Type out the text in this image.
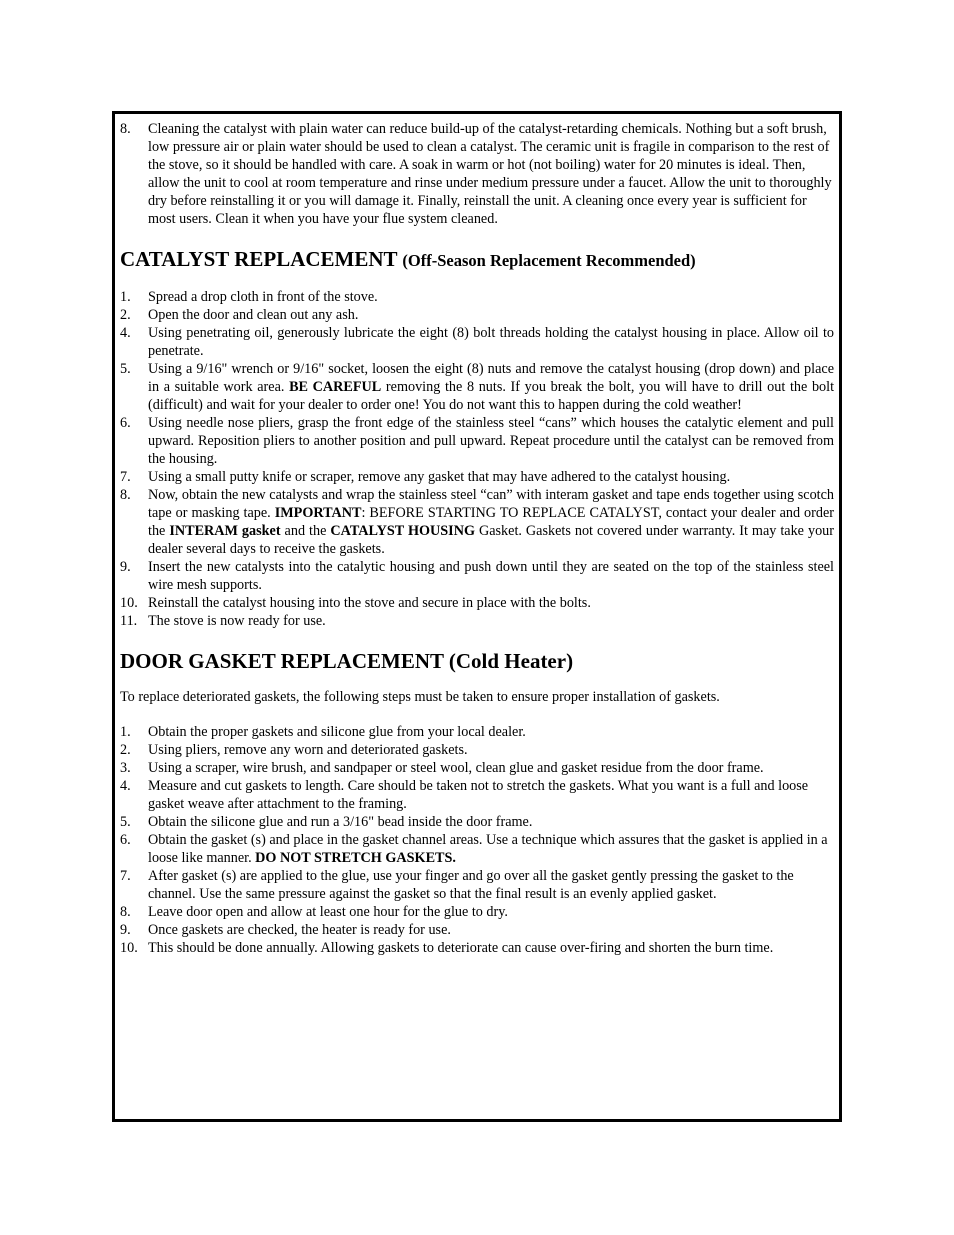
8. Cleaning the catalyst with plain water can reduce build-up of the catalyst-retarding chemicals. Nothing but a soft brush, low pressure air or plain water should be used to clean a catalyst. The ceramic unit is fragile in comparison to the rest of the stove, so it should be handled with care. A soak in warm or hot (not boiling) water for 20 minutes is ideal. Then, allow the unit to cool at room temperature and rinse under medium pressure under a faucet. Allow the unit to thoroughly dry before reinstalling it or you will damage it. Finally, reinstall the unit. A cleaning once every year is sufficient for most users. Clean it when you have your flue system cleaned.
CATALYST REPLACEMENT (Off-Season Replacement Recommended)
1. Spread a drop cloth in front of the stove.
2. Open the door and clean out any ash.
4. Using penetrating oil, generously lubricate the eight (8) bolt threads holding the catalyst housing in place. Allow oil to penetrate.
5. Using a 9/16" wrench or 9/16" socket, loosen the eight (8) nuts and remove the catalyst housing (drop down) and place in a suitable work area. BE CAREFUL removing the 8 nuts. If you break the bolt, you will have to drill out the bolt (difficult) and wait for your dealer to order one! You do not want this to happen during the cold weather!
6. Using needle nose pliers, grasp the front edge of the stainless steel “cans” which houses the catalytic element and pull upward. Reposition pliers to another position and pull upward. Repeat procedure until the catalyst can be removed from the housing.
7. Using a small putty knife or scraper, remove any gasket that may have adhered to the catalyst housing.
8. Now, obtain the new catalysts and wrap the stainless steel “can” with interam gasket and tape ends together using scotch tape or masking tape. IMPORTANT: BEFORE STARTING TO REPLACE CATALYST, contact your dealer and order the INTERAM gasket and the CATALYST HOUSING Gasket. Gaskets not covered under warranty. It may take your dealer several days to receive the gaskets.
9. Insert the new catalysts into the catalytic housing and push down until they are seated on the top of the stainless steel wire mesh supports.
10. Reinstall the catalyst housing into the stove and secure in place with the bolts.
11. The stove is now ready for use.
DOOR GASKET REPLACEMENT (Cold Heater)

To replace deteriorated gaskets, the following steps must be taken to ensure proper installation of gaskets.

1. Obtain the proper gaskets and silicone glue from your local dealer.
2. Using pliers, remove any worn and deteriorated gaskets.
3. Using a scraper, wire brush, and sandpaper or steel wool, clean glue and gasket residue from the door frame.
4. Measure and cut gaskets to length. Care should be taken not to stretch the gaskets. What you want is a full and loose gasket weave after attachment to the framing.
5. Obtain the silicone glue and run a 3/16" bead inside the door frame.
6. Obtain the gasket (s) and place in the gasket channel areas. Use a technique which assures that the gasket is applied in a loose like manner. DO NOT STRETCH GASKETS.
7. After gasket (s) are applied to the glue, use your finger and go over all the gasket gently pressing the gasket to the channel. Use the same pressure against the gasket so that the final result is an evenly applied gasket.
8. Leave door open and allow at least one hour for the glue to dry.
9. Once gaskets are checked, the heater is ready for use.
10. This should be done annually. Allowing gaskets to deteriorate can cause over-firing and shorten the burn time.
